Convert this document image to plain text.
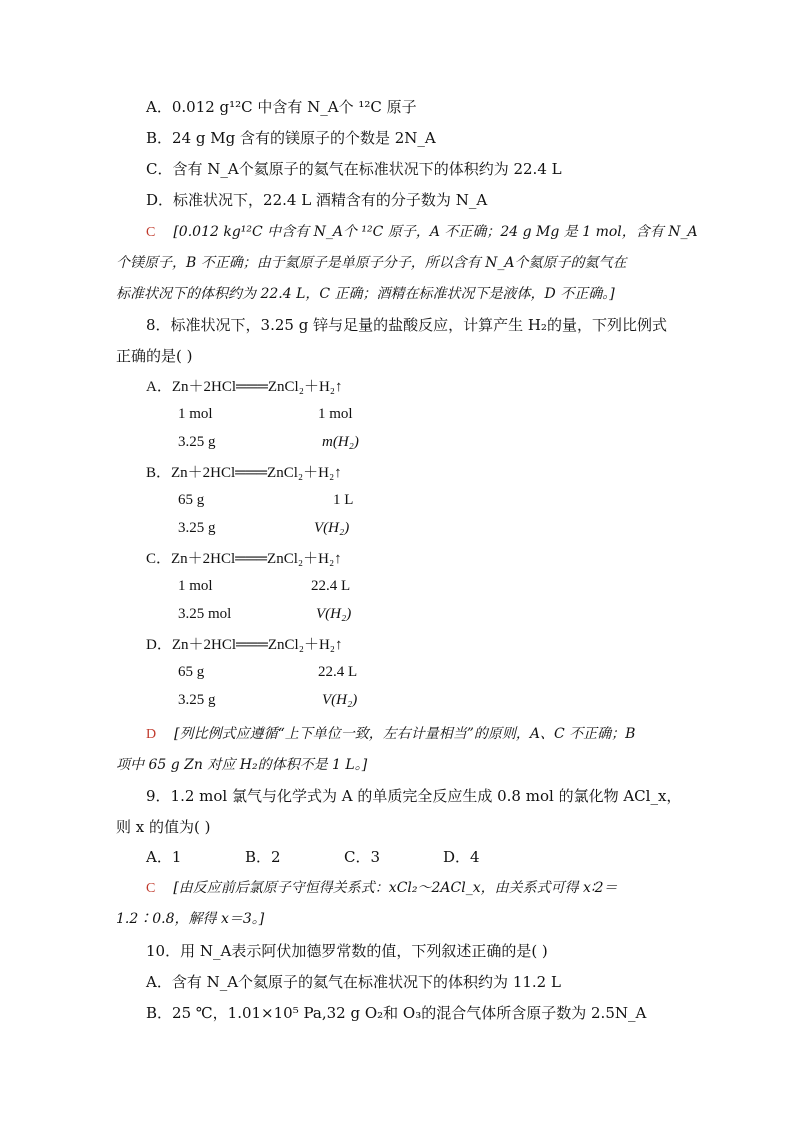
A．0.012 g¹²C 中含有 N_A个 ¹²C 原子
B．24 g Mg 含有的镁原子的个数是 2N_A
C．含有 N_A个氦原子的氦气在标准状况下的体积约为 22.4 L
D．标准状况下，22.4 L 酒精含有的分子数为 N_A
C [0.012 kg¹²C 中含有 N_A个 ¹²C 原子，A 不正确；24 g Mg 是 1 mol，含有 N_A
个镁原子，B 不正确；由于氦原子是单原子分子，所以含有 N_A个氦原子的氦气在
标准状况下的体积约为 22.4 L，C 正确；酒精在标准状况下是液体，D 不正确。]
8．标准状况下，3.25 g 锌与足量的盐酸反应，计算产生 H₂的量，下列比例式
正确的是( )
A．Zn＋2HCl═══ZnCl₂＋H₂↑
1 mol	1 mol
3.25 g	m(H₂)
B．Zn＋2HCl═══ZnCl₂＋H₂↑
65 g	1 L
3.25 g	V(H₂)
C．Zn＋2HCl═══ZnCl₂＋H₂↑
1 mol	22.4 L
3.25 mol	V(H₂)
D．Zn＋2HCl═══ZnCl₂＋H₂↑
65 g	22.4 L
3.25 g	V(H₂)
D [列比例式应遵循“上下单位一致，左右计量相当”的原则，A、C 不正确；B
项中 65 g Zn 对应 H₂的体积不是 1 L。]
9．1.2 mol 氯气与化学式为 A 的单质完全反应生成 0.8 mol 的氯化物 ACl_x，
则 x 的值为( )
A．1	B．2	C．3	D．4
C [由反应前后氯原子守恒得关系式：xCl₂～2ACl_x，由关系式可得 x∶2＝
1.2∶0.8，解得 x＝3。]
10．用 N_A表示阿伏加德罗常数的值，下列叙述正确的是( )
A．含有 N_A个氦原子的氦气在标准状况下的体积约为 11.2 L
B．25 ℃，1.01×10⁵ Pa,32 g O₂和 O₃的混合气体所含原子数为 2.5N_A
